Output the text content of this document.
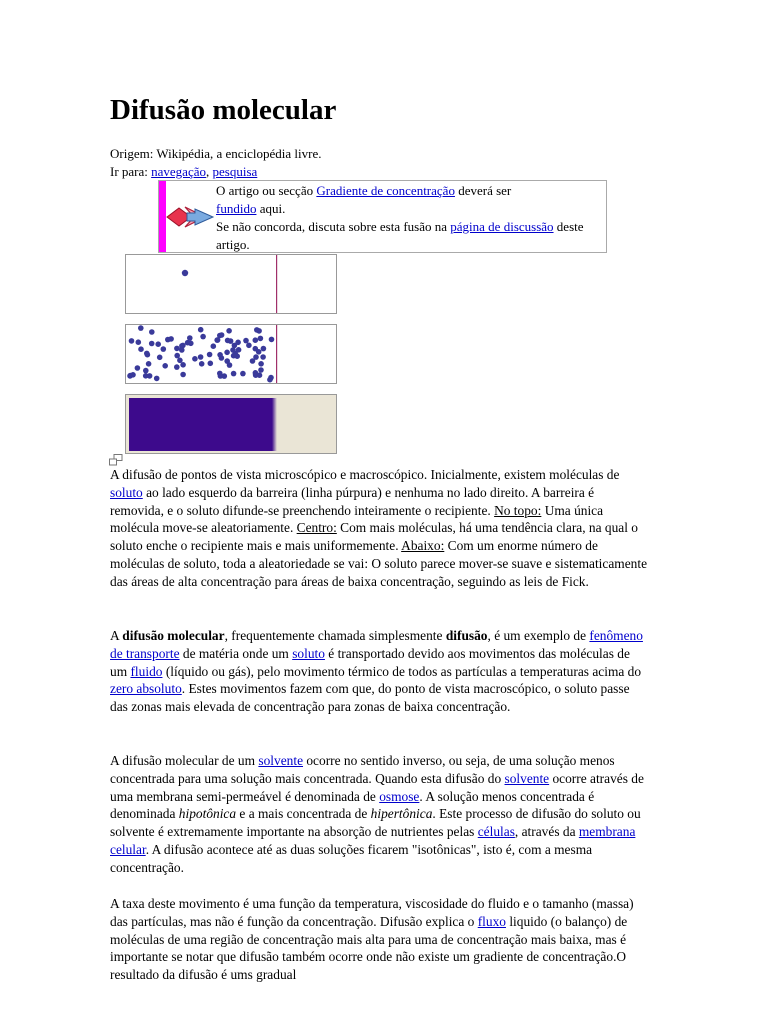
Difusão molecular
Origem: Wikipédia, a enciclopédia livre.
Ir para: navegação, pesquisa
O artigo ou secção Gradiente de concentração deverá ser
fundido aqui.
Se não concorda, discuta sobre esta fusão na página de discussão deste artigo.

A difusão de pontos de vista microscópico e macroscópico. Inicialmente, existem moléculas de soluto ao lado esquerdo da barreira (linha púrpura) e nenhuma no lado direito. A barreira é removida, e o soluto difunde-se preenchendo inteiramente o recipiente. No topo: Uma única molécula move-se aleatoriamente. Centro: Com mais moléculas, há uma tendência clara, na qual o soluto enche o recipiente mais e mais uniformemente. Abaixo: Com um enorme número de moléculas de soluto, toda a aleatoriedade se vai: O soluto parece mover-se suave e sistematicamente das áreas de alta concentração para áreas de baixa concentração, seguindo as leis de Fick.

A difusão molecular, frequentemente chamada simplesmente difusão, é um exemplo de fenômeno de transporte de matéria onde um soluto é transportado devido aos movimentos das moléculas de um fluido (líquido ou gás), pelo movimento térmico de todos as partículas a temperaturas acima do zero absoluto. Estes movimentos fazem com que, do ponto de vista macroscópico, o soluto passe das zonas mais elevada de concentração para zonas de baixa concentração.

A difusão molecular de um solvente ocorre no sentido inverso, ou seja, de uma solução menos concentrada para uma solução mais concentrada. Quando esta difusão do solvente ocorre através de uma membrana semi-permeável é denominada de osmose. A solução menos concentrada é denominada hipotônica e a mais concentrada de hipertônica. Este processo de difusão do soluto ou solvente é extremamente importante na absorção de nutrientes pelas células, através da membrana celular. A difusão acontece até as duas soluções ficarem "isotônicas", isto é, com a mesma concentração.

A taxa deste movimento é uma função da temperatura, viscosidade do fluido e o tamanho (massa) das partículas, mas não é função da concentração. Difusão explica o fluxo liquido (o balanço) de moléculas de uma região de concentração mais alta para uma de concentração mais baixa, mas é importante se notar que difusão também ocorre onde não existe um gradiente de concentração.O resultado da difusão é ums gradual
